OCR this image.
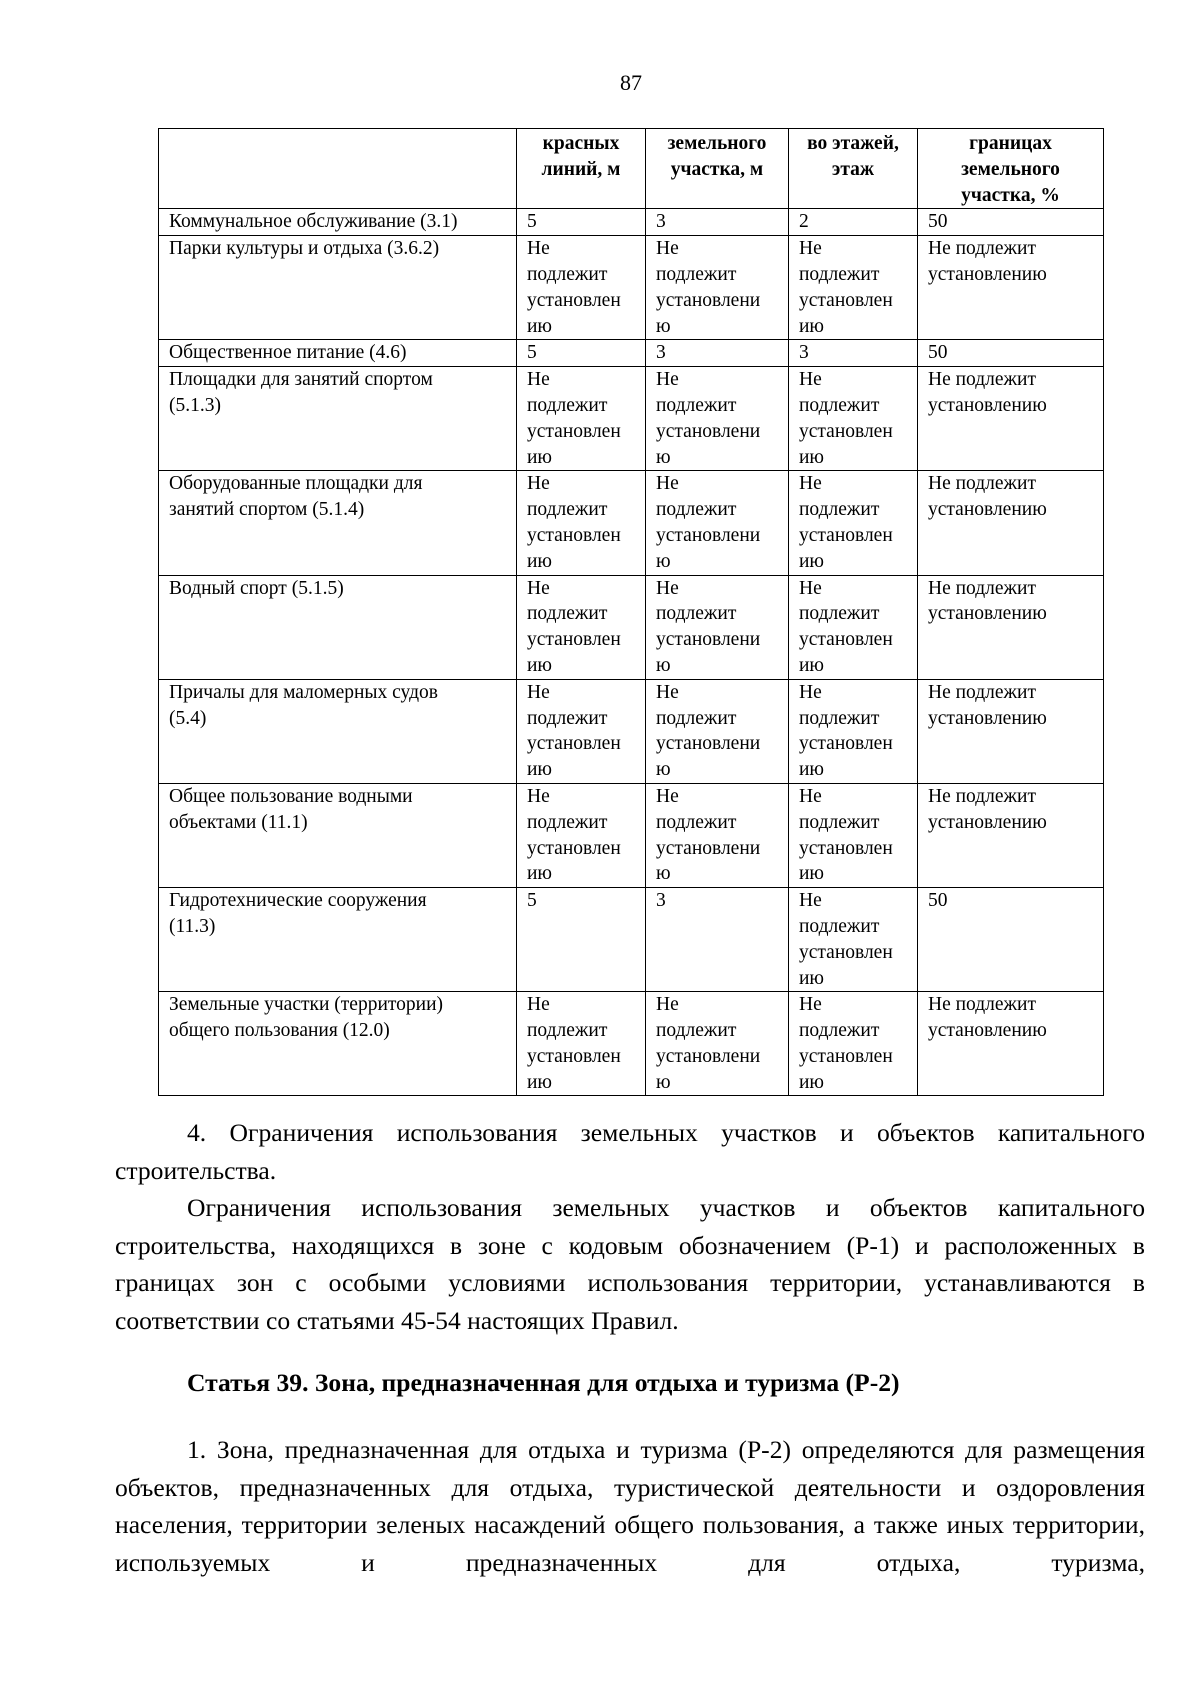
87

	красных
линий, м	земельного
участка, м	во этажей,
этаж	границах
земельного
участка, %

Коммунальное обслуживание (3.1)	5	3	2	50

Парки культуры и отдыха (3.6.2)	Не
подлежит
установлен
ию	Не
подлежит
установлени
ю	Не
подлежит
установлен
ию	Не подлежит
установлению

Общественное питание (4.6)	5	3	3	50

Площадки для занятий спортом
(5.1.3)	Не
подлежит
установлен
ию	Не
подлежит
установлени
ю	Не
подлежит
установлен
ию	Не подлежит
установлению

Оборудованные площадки для
занятий спортом (5.1.4)	Не
подлежит
установлен
ию	Не
подлежит
установлени
ю	Не
подлежит
установлен
ию	Не подлежит
установлению

Водный спорт (5.1.5)	Не
подлежит
установлен
ию	Не
подлежит
установлени
ю	Не
подлежит
установлен
ию	Не подлежит
установлению

Причалы для маломерных судов
(5.4)	Не
подлежит
установлен
ию	Не
подлежит
установлени
ю	Не
подлежит
установлен
ию	Не подлежит
установлению

Общее пользование водными
объектами (11.1)	Не
подлежит
установлен
ию	Не
подлежит
установлени
ю	Не
подлежит
установлен
ию	Не подлежит
установлению

Гидротехнические сооружения
(11.3)	5	3	Не
подлежит
установлен
ию	50

Земельные участки (территории)
общего пользования (12.0)	Не
подлежит
установлен
ию	Не
подлежит
установлени
ю	Не
подлежит
установлен
ию	Не подлежит
установлению

4. Ограничения использования земельных участков и объектов капитального строительства.

Ограничения использования земельных участков и объектов капитального строительства, находящихся в зоне с кодовым обозначением (Р-1) и расположенных в границах зон с особыми условиями использования территории, устанавливаются в соответствии со статьями 45-54 настоящих Правил.

Статья 39. Зона, предназначенная для отдыха и туризма (Р-2)

1. Зона, предназначенная для отдыха и туризма (Р-2) определяются для размещения объектов, предназначенных для отдыха, туристической деятельности и оздоровления населения, территории зеленых насаждений общего пользования, а также иных территории, используемых и предназначенных для отдыха, туризма,
